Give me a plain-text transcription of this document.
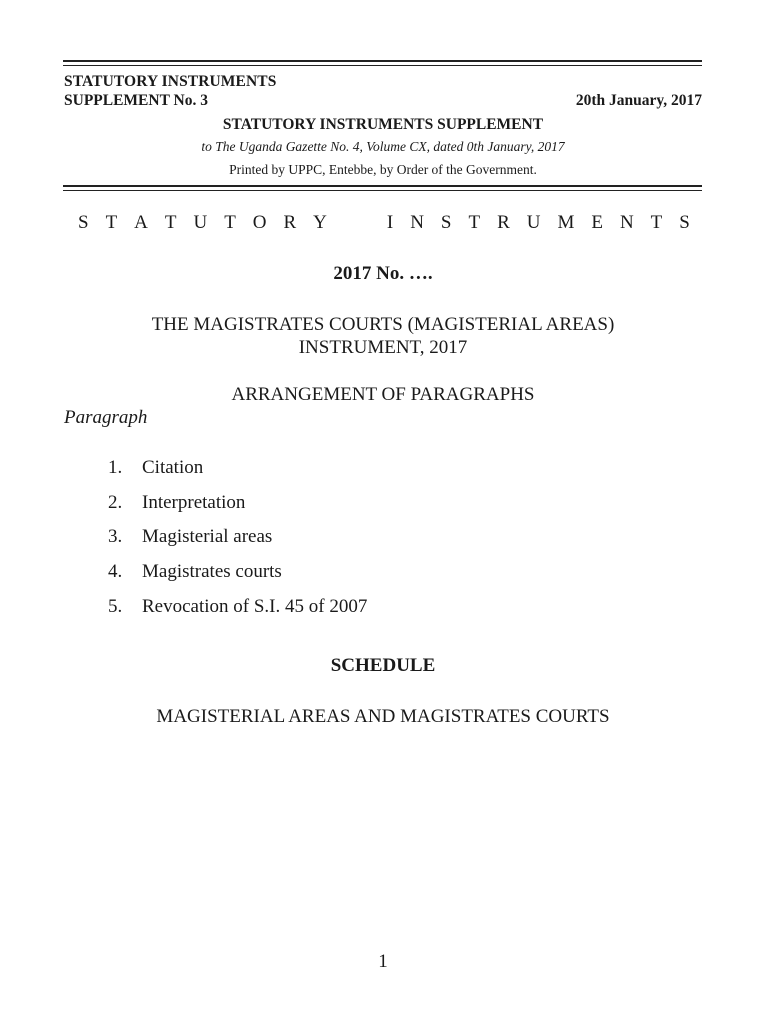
STATUTORY INSTRUMENTS
SUPPLEMENT No. 3	20th January, 2017
STATUTORY INSTRUMENTS SUPPLEMENT
to The Uganda Gazette No. 4, Volume CX, dated 0th January, 2017
Printed by UPPC, Entebbe, by Order of the Government.
S T A T U T O R Y	I N S T R U M E N T S
2017 No. ….
THE MAGISTRATES COURTS (MAGISTERIAL AREAS)
INSTRUMENT, 2017
ARRANGEMENT OF PARAGRAPHS
Paragraph
1.	Citation
2.	Interpretation
3.	Magisterial areas
4.	Magistrates courts
5.	Revocation of S.I. 45 of 2007
SCHEDULE
MAGISTERIAL AREAS AND MAGISTRATES COURTS
1
